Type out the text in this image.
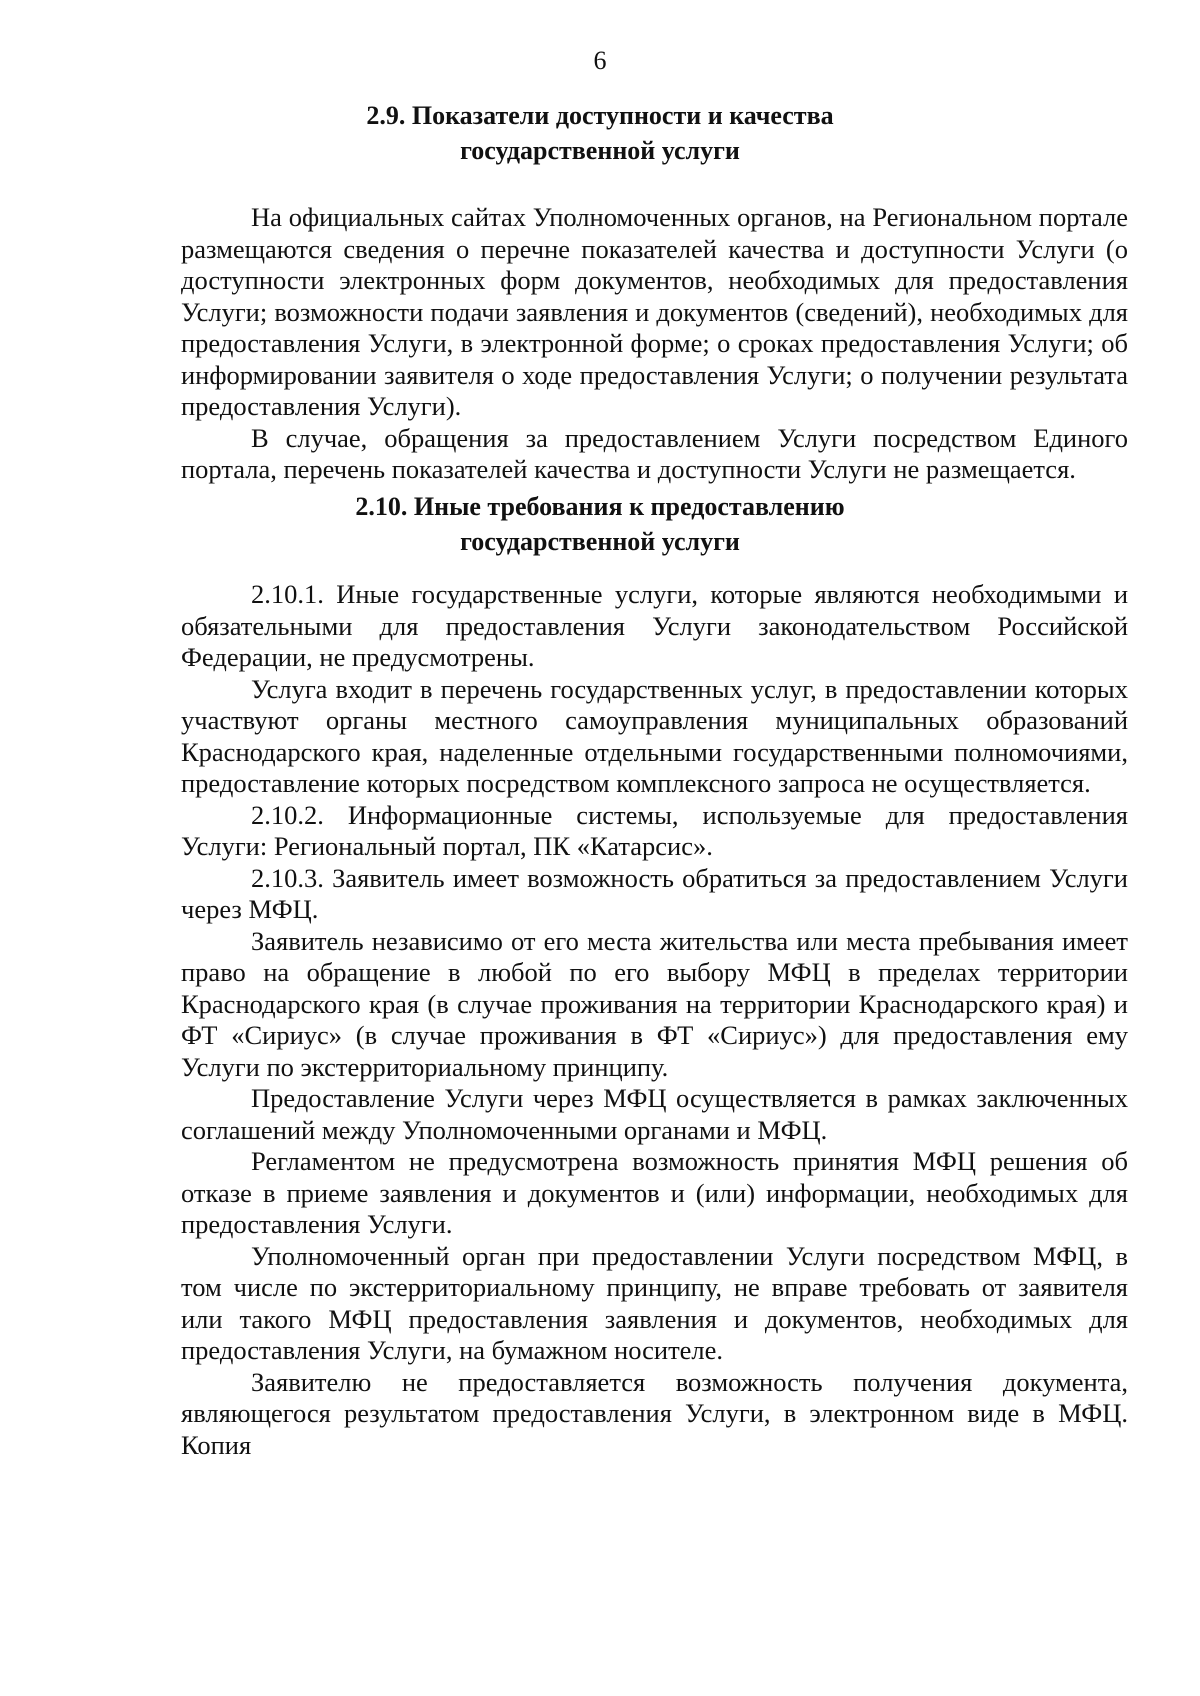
6
2.9. Показатели доступности и качества
государственной услуги

На официальных сайтах Уполномоченных органов, на Региональном портале размещаются сведения о перечне показателей качества и доступности Услуги (о доступности электронных форм документов, необходимых для предоставления Услуги; возможности подачи заявления и документов (сведений), необходимых для предоставления Услуги, в электронной форме; о сроках предоставления Услуги; об информировании заявителя о ходе предоставления Услуги; о получении результата предоставления Услуги).

В случае, обращения за предоставлением Услуги посредством Единого портала, перечень показателей качества и доступности Услуги не размещается.

2.10. Иные требования к предоставлению
государственной услуги

2.10.1. Иные государственные услуги, которые являются необходимыми и обязательными для предоставления Услуги законодательством Российской Федерации, не предусмотрены.

Услуга входит в перечень государственных услуг, в предоставлении которых участвуют органы местного самоуправления муниципальных образований Краснодарского края, наделенные отдельными государственными полномочиями, предоставление которых посредством комплексного запроса не осуществляется.

2.10.2. Информационные системы, используемые для предоставления Услуги: Региональный портал, ПК «Катарсис».

2.10.3. Заявитель имеет возможность обратиться за предоставлением Услуги через МФЦ.

Заявитель независимо от его места жительства или места пребывания имеет право на обращение в любой по его выбору МФЦ в пределах территории Краснодарского края (в случае проживания на территории Краснодарского края) и ФТ «Сириус» (в случае проживания в ФТ «Сириус») для предоставления ему Услуги по экстерриториальному принципу.

Предоставление Услуги через МФЦ осуществляется в рамках заключенных соглашений между Уполномоченными органами и МФЦ.

Регламентом не предусмотрена возможность принятия МФЦ решения об отказе в приеме заявления и документов и (или) информации, необходимых для предоставления Услуги.

Уполномоченный орган при предоставлении Услуги посредством МФЦ, в том числе по экстерриториальному принципу, не вправе требовать от заявителя или такого МФЦ предоставления заявления и документов, необходимых для предоставления Услуги, на бумажном носителе.

Заявителю не предоставляется возможность получения документа, являющегося результатом предоставления Услуги, в электронном виде в МФЦ. Копия
